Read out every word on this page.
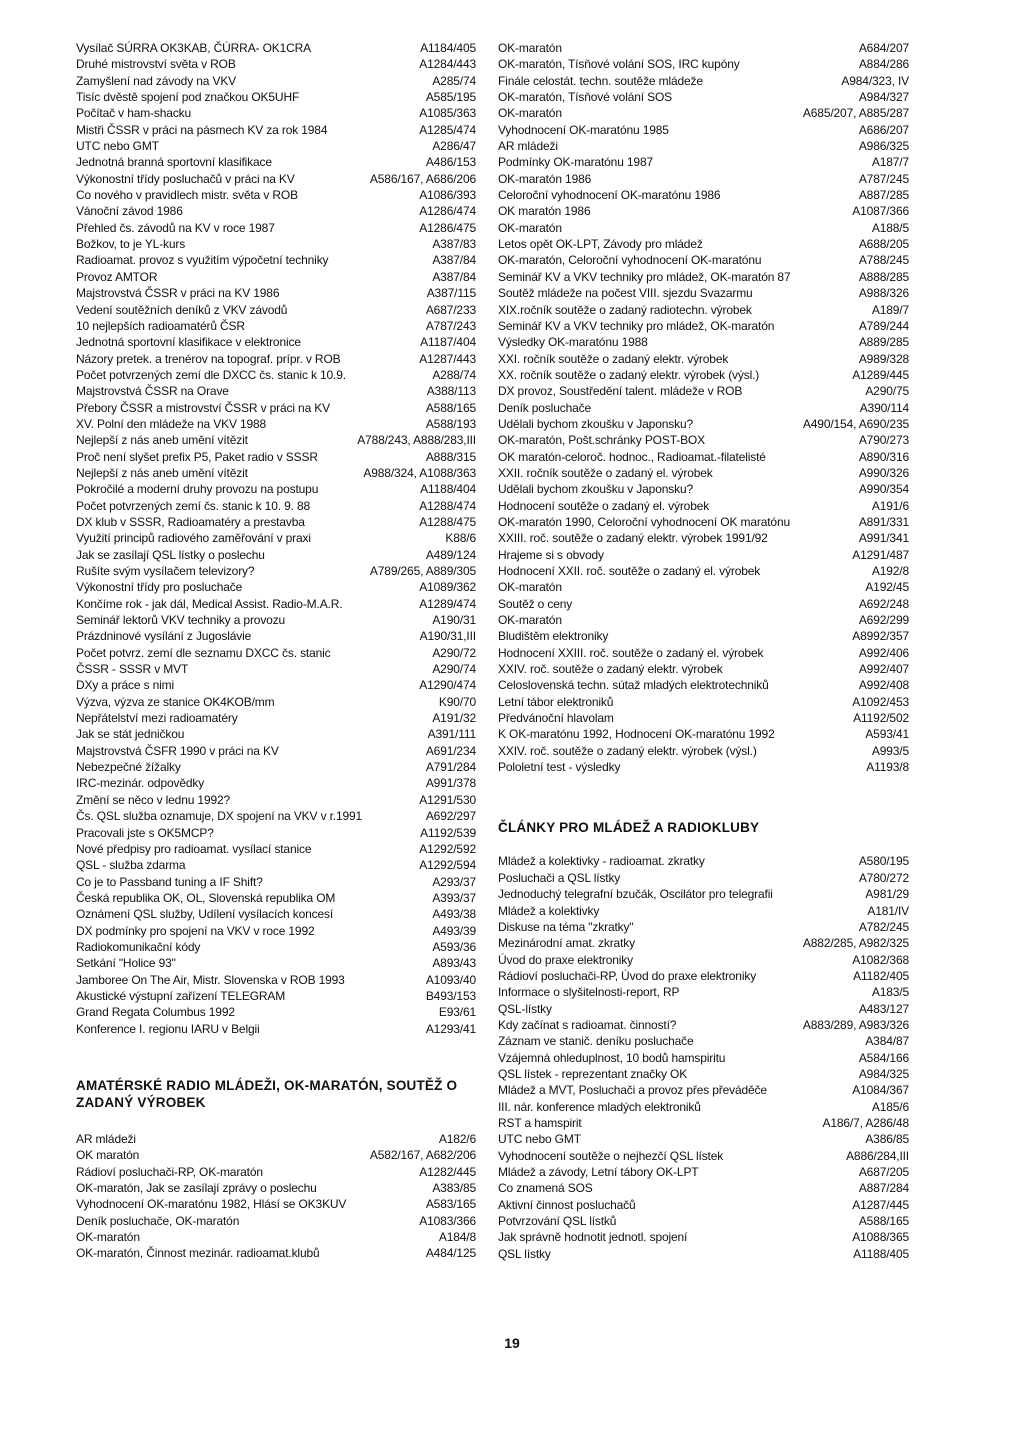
Vysílač SÚRRA OK3KAB, ČÚRRA- OK1CRA	A1184/405
Druhé mistrovství světa v ROB	A1284/443
Zamyšlení nad závody na VKV	A285/74
Tisíc dvěstě spojení pod značkou OK5UHF	A585/195
Počítač v ham-shacku	A1085/363
Mistři ČSSR v práci na pásmech KV za rok 1984	A1285/474
UTC nebo GMT	A286/47
Jednotná branná sportovní klasifikace	A486/153
Výkonostní třídy posluchačů v práci na KV	A586/167, A686/206
Co nového v pravidlech mistr. světa v ROB	A1086/393
Vánoční závod 1986	A1286/474
Přehled čs. závodů na KV v roce 1987	A1286/475
Božkov, to je YL-kurs	A387/83
Radioamat. provoz s využitím výpočetní techniky	A387/84
Provoz AMTOR	A387/84
Majstrovstvá ČSSR v práci na KV 1986	A387/115
Vedení soutěžních deníků z VKV závodů	A687/233
10 nejlepších radioamatérů ČSR	A787/243
Jednotná sportovní klasifikace v elektronice	A1187/404
Názory pretek. a trenérov na topograf. prípr. v ROB	A1287/443
Počet potvrzených zemí dle DXCC čs. stanic k 10.9.	A288/74
Majstrovstvá ČSSR na Orave	A388/113
Přebory ČSSR a mistrovství ČSSR v práci na KV	A588/165
XV. Polní den mládeže na VKV 1988	A588/193
Nejlepší z nás aneb umění vítězit	A788/243, A888/283,III
Proč není slyšet prefix P5, Paket radio v SSSR	A888/315
Nejlepší z nás aneb umění vítězit	A988/324, A1088/363
Pokročilé a moderní druhy provozu na postupu	A1188/404
Počet potvrzených zemí čs. stanic k 10. 9. 88	A1288/474
DX klub v SSSR, Radioamatéry a prestavba	A1288/475
Využití principů radiového zaměřování v praxi	K88/6
Jak se zasílají QSL lístky o poslechu	A489/124
Rušíte svým vysílačem televizory?	A789/265, A889/305
Výkonostní třídy pro posluchače	A1089/362
Končíme rok - jak dál, Medical Assist. Radio-M.A.R.	A1289/474
Seminář lektorů VKV techniky a provozu	A190/31
Prázdninové vysílání z Jugoslávie	A190/31,III
Počet potvrz. zemí dle seznamu DXCC čs. stanic	A290/72
ČSSR - SSSR v MVT	A290/74
DXy a práce s nimi	A1290/474
Výzva, výzva ze stanice OK4KOB/mm	K90/70
Nepřátelství mezi radioamatéry	A191/32
Jak se stát jedničkou	A391/111
Majstrovstvá ČSFR 1990 v práci na KV	A691/234
Nebezpečné žížalky	A791/284
IRC-mezinár. odpovědky	A991/378
Změní se něco v lednu 1992?	A1291/530
Čs. QSL služba oznamuje, DX spojení na VKV v r.1991	A692/297
Pracovali jste s OK5MCP?	A1192/539
Nové předpisy pro radioamat. vysílací stanice	A1292/592
QSL - služba zdarma	A1292/594
Co je to Passband tuning a IF Shift?	A293/37
Česká republika OK, OL, Slovenská republika OM	A393/37
Oznámení QSL služby, Udílení vysílacích koncesí	A493/38
DX podmínky pro spojení na VKV v roce 1992	A493/39
Radiokomunikační kódy	A593/36
Setkání "Holice 93"	A893/43
Jamboree On The Air, Mistr. Slovenska v ROB 1993	A1093/40
Akustické výstupní zařízení TELEGRAM	B493/153
Grand Regata Columbus 1992	E93/61
Konference I. regionu IARU v Belgii	A1293/41
AMATÉRSKÉ RADIO MLÁDEŽI, OK-MARATÓN, SOUTĚŽ O ZADANÝ VÝROBEK
AR mládeži	A182/6
OK maratón	A582/167, A682/206
Rádioví posluchači-RP, OK-maratón	A1282/445
OK-maratón, Jak se zasílají zprávy o poslechu	A383/85
Vyhodnocení OK-maratónu 1982, Hlásí se OK3KUV	A583/165
Deník posluchače, OK-maratón	A1083/366
OK-maratón	A184/8
OK-maratón, Činnost mezinár. radioamat.klubů	A484/125
OK-maratón	A684/207
OK-maratón, Tísňové volání SOS, IRC kupóny	A884/286
Finále celostát. techn. soutěže mládeže	A984/323, IV
OK-maratón, Tísňové volání SOS	A984/327
OK-maratón	A685/207, A885/287
Vyhodnocení OK-maratónu 1985	A686/207
AR mládeži	A986/325
Podmínky OK-maratónu 1987	A187/7
OK-maratón 1986	A787/245
Celoroční vyhodnocení OK-maratónu 1986	A887/285
OK maratón 1986	A1087/366
OK-maratón	A188/5
Letos opět OK-LPT, Závody pro mládež	A688/205
OK-maratón, Celoroční vyhodnocení OK-maratónu	A788/245
Seminář KV a VKV techniky pro mládež, OK-maratón 87	A888/285
Soutěž mládeže na počest VIII. sjezdu Svazarmu	A988/326
XIX.ročník soutěže o zadaný radiotechn. výrobek	A189/7
Seminář KV a VKV techniky pro mládež, OK-maratón	A789/244
Výsledky OK-maratónu 1988	A889/285
XXI. ročník soutěže o zadaný elektr. výrobek	A989/328
XX. ročník soutěže o zadaný elektr. výrobek (výsl.)	A1289/445
DX provoz, Soustředění talent. mládeže v ROB	A290/75
Deník posluchače	A390/114
Udělali bychom zkoušku v Japonsku?	A490/154, A690/235
OK-maratón, Pošt.schránky POST-BOX	A790/273
OK maratón-celoroč. hodnoc., Radioamat.-filatelisté	A890/316
XXII. ročník soutěže o zadaný el. výrobek	A990/326
Udělali bychom zkoušku v Japonsku?	A990/354
Hodnocení soutěže o zadaný el. výrobek	A191/6
OK-maratón 1990, Celoroční vyhodnocení OK maratónu	A891/331
XXIII. roč. soutěže o zadaný elektr. výrobek 1991/92	A991/341
Hrajeme si s obvody	A1291/487
Hodnocení XXII. roč. soutěže o zadaný el. výrobek	A192/8
OK-maratón	A192/45
Soutěž o ceny	A692/248
OK-maratón	A692/299
Bludištěm elektroniky	A8992/357
Hodnocení XXIII. roč. soutěže o zadaný el. výrobek	A992/406
XXIV. roč. soutěže o zadaný elektr. výrobek	A992/407
Celoslovenská techn. sútaž mladých elektrotechniků	A992/408
Letní tábor elektroniků	A1092/453
Předvánoční hlavolam	A1192/502
K OK-maratónu 1992, Hodnocení OK-maratónu 1992	A593/41
XXIV. roč. soutěže o zadaný elektr. výrobek (výsl.)	A993/5
Pololetní test - výsledky	A1193/8
ČLÁNKY PRO MLÁDEŽ A RADIOKLUBY
Mládež a kolektivky - radioamat. zkratky	A580/195
Posluchači a QSL lístky	A780/272
Jednoduchý telegrafní bzučák, Oscilátor pro telegrafii	A981/29
Mládež a kolektivky	A181/IV
Diskuse na téma "zkratky"	A782/245
Mezinárodní amat. zkratky	A882/285, A982/325
Úvod do praxe elektroniky	A1082/368
Rádioví posluchači-RP, Úvod do praxe elektroniky	A1182/405
Informace o slyšitelnosti-report, RP	A183/5
QSL-lístky	A483/127
Kdy začínat s radioamat. činností?	A883/289, A983/326
Záznam ve stanič. deníku posluchače	A384/87
Vzájemná ohleduplnost, 10 bodů hamspiritu	A584/166
QSL lístek - reprezentant značky OK	A984/325
Mládež a MVT, Posluchači a provoz přes převáděče	A1084/367
III. nár. konference mladých elektroniků	A185/6
RST a hamspirit	A186/7, A286/48
UTC nebo GMT	A386/85
Vyhodnocení soutěže o nejhezčí QSL lístek	A886/284,III
Mládež a závody, Letní tábory OK-LPT	A687/205
Co znamená SOS	A887/284
Aktivní činnost posluchačů	A1287/445
Potvrzování QSL lístků	A588/165
Jak správně hodnotit jednotl. spojení	A1088/365
QSL lístky	A1188/405
19
